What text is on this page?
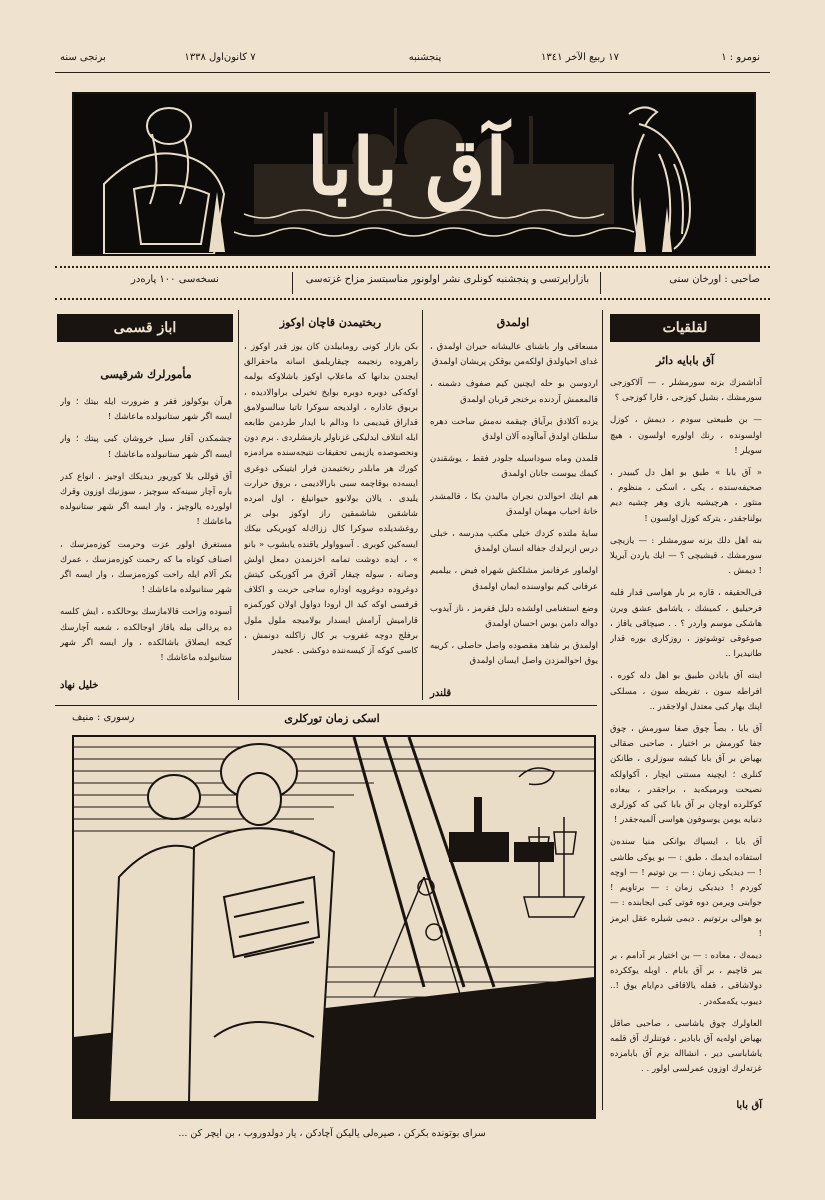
نومرو : ١
١٧ ربیع الآخر ١٣٤١
پنجشنبه
٧ کانون‌اول ١٣٣٨
برنجی سنه
آق بابا
صاحبی : اورخان سنی
بازارایرتسی و پنجشنبه کونلری نشر اولونور مناسبتسز مزاح غزته‌سی
نسخه‌سی ١٠٠ پاره‌در
اباز قسمی
مأمورلرك شرقیسی

هرآن بوكولوز فقر و ضرورت ایله بیتك ؛ وار ایسه اگر شهر ستانبولده ماعاشك !

چشمكدن آقار سیل خروشان كبی پیتك ؛ وار ایسه اگر شهر ستانبولده ماعاشك !

آق قوللی بلا كوریور دیدیكك اوجیز ، انواع كدر باره آچار سینه‌كه سوچیز ، سوزنیك اوزون وقرك اولورده یالوچیز ، وار ایسه اگر شهر ستانبولده ماعاشك !

مستغرق اولور عزت وحرمت كوزه‌مزسك ، اصناف كوتاه ما كه رحمت كوزه‌مزسك ، عمرك بكر آلام ایله راحت كوزه‌مزسك ، وار ایسه اگر شهر ستانبولده ماعاشك !

آسوده وزاحت قالامازسك بوحالكده ، ایش كلسه ده پردالی بیله یاقاز اوجالكده ، شعبه آچارسك كیجه ایصلاق باشالكده ، وار ایسه اگر شهر ستانبولده ماعاشك !

خلیل نهاد
ربختیمدن قاچان اوكوز
بكن بازار كونی رومابیلدن كان یوز قدر اوكوز ، راهروده رنجیمه چیقاریلمق اسانه ماحقرالق ایجندن بدانها كه ماعلاپ اوكوز باشلاوكه بولمه اوكه‌كی دوبره دوبره بوایخ تخیرلی براوالادیده ، بربوق عاداره ، اولدیحه سوكرا تاتبا سالسولامق قداراق قیدیمی دا ودالم با ایدار طردمن طابعه ایله انتلاف ایدلیکی غزناولر یازمشلردی . برم دون ونحصوصده یازیمی تحقیقات نتیجه‌سنده مرادمزه كورك هر مابلدر رنختیمدن فرار ایتینكی دوغری ایسه‌ده بوقاچمه سبی بارالادیمی ، بروق حرارت یلیدی ، یالان بولانوو حیوانیلغ ، اول امرده شاشقین شاشمقین راز اوكوز بولی بر روغشدیلده سوكرا كال ززاك‌له كوبریكی بیكك ایسه‌كین كوبری . آسوواولر یاقنده یابشوب « بانو » ، ایده دوشت تمامه اخزنمدن دمعل اولش وصانه ، سوله چیقار آقرق مر آكوریكی كیتش دوغروده دوغرویه اوداره ساجی حربت و اكلاف قرفسی اوكه كید ال ارودا دواول اولان كوركمزه قارامیش آرامش ایسدار بولامیجه ملول ملول برفلج دوچه غفروب بر كال زاكلنه دونمش ، كاسی كوكه آز كیسه‌ننده دوكشی . عجیدر
اولمدق

مسعاقی وار باشنای عالیشانه حیران اولمدق ، غدای احیاولدق اولكه‌من بوقكن پریشان اولمدق

اردوسن بو حله ایچنین كیم صفوف دشمنه ، قالمعمش آردنده برخنجر قربان اولمدق

یزده آكلادق برآیاق چیقمه نه‌مش ساحت دهره سلطان اولدق آماآوده آلان اولدق

قلمدن وماه سوداسیله جلودر فقط ، یوشقندن كیمك ییوست جانان اولمدق

هم ایتك احوالدن نجران مالیدن بكا ، قالمشدر خانهٔ احباب مهمان اولمدق

سایهٔ ملتده كزدك خیلی مكتب مدرسه ، خبلی درس ازبرلدك جفاله انسان اولمدق

اولماور عرفانمز مشلكش شهراه فیض ، بیلمیم عرفانی كیم بواوسنده ایمان اولمدق

وضع استغنامی اولشده دلیل فقرمز ، ناز آیدوب دواله دامن بوس احسان اولمدق

اولمدق بر شاهد مقصوده واصل حاصلی ، كرییه یوق احوالمزدن واصل ایسان اولمدق

قلندر
لقلقیات
آق بابایه دائر

آداشمزك بزنه سورمشلر ، — آلاكوزجی سورمشك ، بشیل كوزجی ، قارا كوزجی ؟

— بن طبیعتی سودم ، دیمش ، كوزل اولسونده ، رنك اولوره اولسون ، هیچ سویلر !

« آق بابا » طبق بو اهل دل كیبیدر ، صحیفه‌سنده ، یكی ، اسكی ، منظوم ، منثور ، هرچیشیه یازی وهر چشیه دیم بولناجقدر ، یتركه كوزل اولسون !

بنه اهل دلك بزنه سورمشلر : — یازیچی سورمشك ، قیشیچی ؟ — ایك یاردن آیریلا ! دیمش .

فی‌الحقیقه ، قازه بر بار هواسی قدار قلبه فرحیلیق ، كمیشك ، یاشامق عشق ویرن هاشكی موسم واردر ؟ . . صیچاقی یاقاز ، صوغوقی توشوتوز ، روزكاری بوره قدار طانیدیرا ..

اینته آق بابادن طبیق بو اهل دله كوره ، افراطه سون ، تفریطه سون ، مسلكی اپنك بهار كبی معتدل اولاجقدر ..

آق بابا ، بصاً چوق صفا سورمش ، چوق جفا كورمش بر اختیار ، صاحبی صقالی بهیاض بر آق بابا كیشه سوزلری ، طانكن كنلری ؛ ایچینه مستنی ایچار ، آكواولكه نصیحت وبرمیكه‌ید ، براجقدر ، بیعاده كوكلرده اوچان بر آق بابا كبی كه كوزلری دنیایه یومن یوسوفون هواسی آلمیه‌جقدر !

آق بابا ، ایسپاك بوانكی منیا سنده‌ن استفاده ایدمك ، طیق : — بو یوكی طاشی ! — دیدیكی زمان : — بن توتیم ! — اوچه كوردم ! دیدیكی زمان : — برتاویم ! جوابنی ویرمن دوه فوتی كبی ایجابنده : — بو هوالی برتوتیم . دیمی شیلره عقل ایرمز !

دیمه‌ك ، معاده : — بن اختیار بر آدامم ، بر ییر قاچیم ، بر آق بابام . اوبله یوككرده دولاشاقی ، قفله یالاقاقی دم‌ایام یوق !.. دیبوب یكه‌مكه‌در .

العاولرك چوق یاشاسی ، صاحبی صاقل بهیاض اوله‌یه آق بابادیر ، فوتنلرك آق قلمه یاشاباسی دیر ، انشااله بزم آق بابامزده غزته‌لرك اوزون عمرلسی اولور . .

آق بابا
اسكی زمان توركلری
رسوری : منیف
سرای بوتونده بكركن ، صیره‌لی یالیكن آچادكن ، یار دولدوروب ، بن ایچر كن ...
